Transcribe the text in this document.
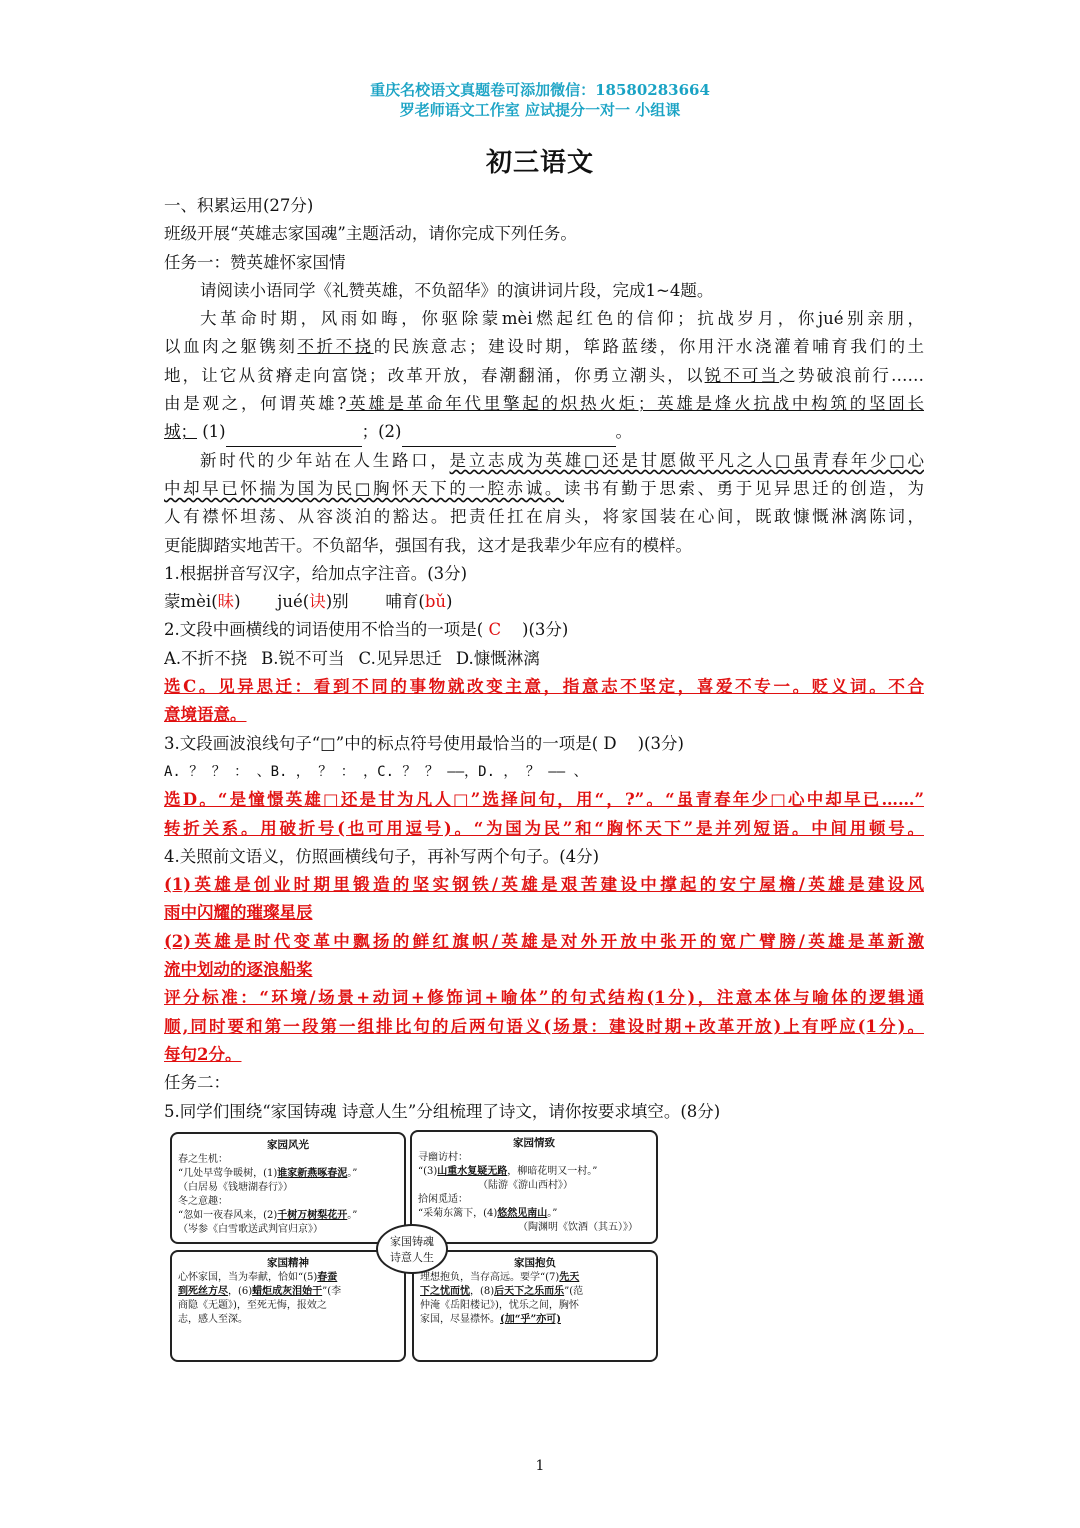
重庆名校语文真题卷可添加微信：18580283664
罗老师语文工作室 应试提分一对一 小组课
初三语文
一、积累运用(27分)
班级开展“英雄志家国魂”主题活动，请你完成下列任务。
任务一：赞英雄怀家国情
请阅读小语同学《礼赞英雄，不负韶华》的演讲词片段，完成1~4题。
大革命时期，风雨如晦，你驱除蒙mèi燃起红色的信仰；抗战岁月，你jué别亲朋，
以血肉之躯镌刻不折不挠的民族意志；建设时期，筚路蓝缕，你用汗水浇灌着哺育我们的土
地，让它从贫瘠走向富饶；改革开放，春潮翻涌，你勇立潮头，以锐不可当之势破浪前行……
由是观之，何谓英雄?英雄是革命年代里擎起的炽热火炬；英雄是烽火抗战中构筑的坚固长
城； (1)	；(2)	。
新时代的少年站在人生路口，是立志成为英雄□还是甘愿做平凡之人□虽青春年少□心
中却早已怀揣为国为民□胸怀天下的一腔赤诚。读书有勤于思索、勇于见异思迁的创造，为
人有襟怀坦荡、从容淡泊的豁达。把责任扛在肩头，将家国装在心间，既敢慷慨淋漓陈词，
更能脚踏实地苦干。不负韶华，强国有我，这才是我辈少年应有的模样。
1.根据拼音写汉字，给加点字注音。(3分)
蒙mèi(昧) jué(诀)别 哺育(bǔ)
2.文段中画横线的词语使用不恰当的一项是( C )(3分)
A.不折不挠 B.锐不可当 C.见异思迁 D.慷慨淋漓
选C。见异思迁：看到不同的事物就改变主意，指意志不坚定，喜爱不专一。贬义词。不合
意境语意。
3.文段画波浪线句子“□”中的标点符号使用最恰当的一项是( D )(3分)
A. ？ ？ ： 、B. ， ？ ： ，C. ？ ？ ——，D. ， ？ —— 、
选D。“是憧憬英雄□还是甘为凡人□”选择问句，用“，?”。“虽青春年少□心中却早已……”
转折关系。用破折号(也可用逗号)。“为国为民”和“胸怀天下”是并列短语。中间用顿号。
4.关照前文语义，仿照画横线句子，再补写两个句子。(4分)
(1)英雄是创业时期里锻造的坚实钢铁/英雄是艰苦建设中撑起的安宁屋檐/英雄是建设风
雨中闪耀的璀璨星辰
(2)英雄是时代变革中飘扬的鲜红旗帜/英雄是对外开放中张开的宽广臂膀/英雄是革新激
流中划动的逐浪船桨
评分标准：“环境/场景+动词+修饰词+喻体”的句式结构(1分)，注意本体与喻体的逻辑通
顺,同时要和第一段第一组排比句的后两句语义(场景：建设时期+改革开放)上有呼应(1分)。
每句2分。
任务二：
5.同学们围绕“家国铸魂 诗意人生”分组梳理了诗文，请你按要求填空。(8分)
家园风光
春之生机：
“几处早莺争暖树，(1)谁家新燕啄春泥。”
（白居易《钱塘湖春行》）
冬之意趣：
“忽如一夜春风来，(2)千树万树梨花开。”
（岑参《白雪歌送武判官归京》）
家园情致
寻幽访村：
“(3)山重水复疑无路，柳暗花明又一村。”
（陆游《游山西村》）
拾闲觅适：
“采菊东篱下，(4)悠然见南山。”
（陶渊明《饮酒（其五）》）
家国精神
心怀家国，当为奉献，恰如“(5)春蚕
到死丝方尽，(6)蜡炬成灰泪始干”(李
商隐《无题》)，至死无悔，报效之
志，感人至深。
家国抱负
理想抱负，当存高远。要学“(7)先天
下之忧而忧，(8)后天下之乐而乐”(范
仲淹《岳阳楼记》)，忧乐之间，胸怀
家国，尽显襟怀。(加“乎”亦可)
家国铸魂
诗意人生
1
